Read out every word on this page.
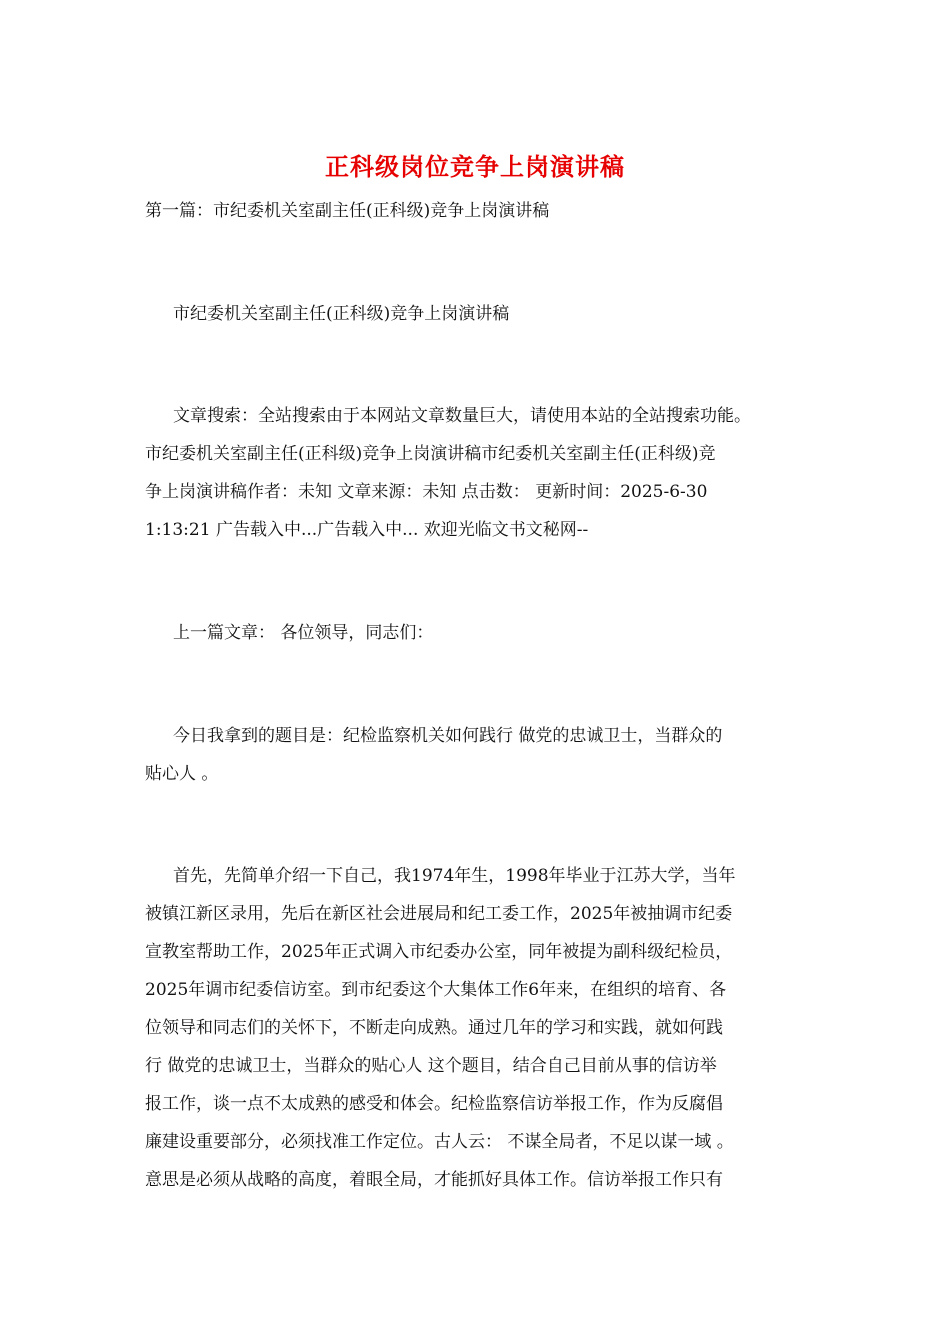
正科级岗位竞争上岗演讲稿
第一篇：市纪委机关室副主任(正科级)竞争上岗演讲稿
市纪委机关室副主任(正科级)竞争上岗演讲稿
文章搜索：全站搜索由于本网站文章数量巨大，请使用本站的全站搜索功能。
市纪委机关室副主任(正科级)竞争上岗演讲稿市纪委机关室副主任(正科级)竞
争上岗演讲稿作者：未知 文章来源：未知 点击数： 更新时间：2025-6-30
1:13:21 广告载入中...广告载入中... 欢迎光临文书文秘网--
上一篇文章： 各位领导，同志们：
今日我拿到的题目是：纪检监察机关如何践行 做党的忠诚卫士，当群众的
贴心人 。
首先，先简单介绍一下自己，我1974年生，1998年毕业于江苏大学，当年
被镇江新区录用，先后在新区社会进展局和纪工委工作，2025年被抽调市纪委
宣教室帮助工作，2025年正式调入市纪委办公室，同年被提为副科级纪检员，
2025年调市纪委信访室。到市纪委这个大集体工作6年来，在组织的培育、各
位领导和同志们的关怀下，不断走向成熟。通过几年的学习和实践，就如何践
行 做党的忠诚卫士，当群众的贴心人 这个题目，结合自己目前从事的信访举
报工作，谈一点不太成熟的感受和体会。纪检监察信访举报工作，作为反腐倡
廉建设重要部分，必须找准工作定位。古人云： 不谋全局者，不足以谋一域 。
意思是必须从战略的高度，着眼全局，才能抓好具体工作。信访举报工作只有
